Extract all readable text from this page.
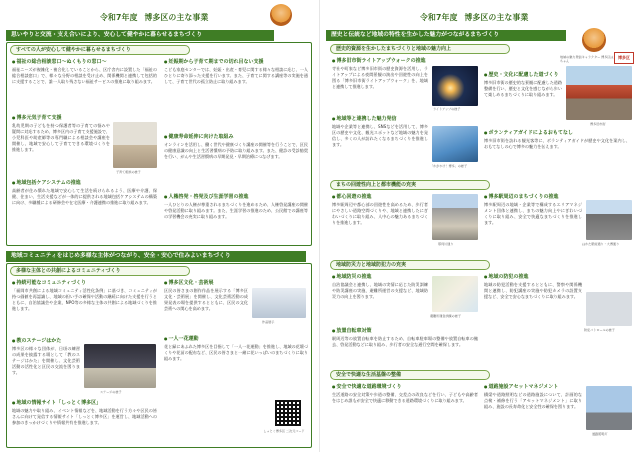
令和7年度 博多区の主な事業
思いやりと交流・支え合いにより、安心して健やかに暮らせるまちづくり
すべての人が安心して健やかに暮らせるまちづくり
● 福祉の総合相談窓口〜ぬくもりの窓口〜
福祉ニーズが複雑化・複合化していることから、区庁舎内に設置した「福祉の総合相談窓口」で、様々な分野の相談を受け止め、関係機関と連携して包括的に支援することで、誰一人取り残さない福祉サービスの推進に取り組みます。
● 博多元気子育て支援
乳幼児期の子どもを持つ保護者等の子育ての悩みや疑問に対応するため、博多区内の子育て支援施設で、小児科医や助産師等の専門職による相談会や講座を開催し、地域で安心して子育てできる環境づくりを推進します。
子育て相談の様子
● 地域包括ケアシステムの推進
高齢者が住み慣れた地域で安心して生活を続けられるよう、医療や介護、保健、住まい、生活支援などが一体的に提供される地域包括ケアシステムの構築に向け、多職種による研修会や在宅医療・介護連携の推進に取り組みます。
● 妊娠期から子育て期までの切れ目ない支援
こども家庭センターでは、妊娠・出産・育児に関する様々な相談に応じ、一人ひとりに寄り添った支援を行います。また、子育てに関する講座等の実施を通して、子育て世代の孤立防止に取り組みます。
● 健康寿命延伸に向けた取組み
オンラインを活用し、働く世代や健康づくり講座の開催等を行うことで、区民の健康意識の向上と生活習慣病の予防に取り組みます。また、健診の受診勧奨を行い、がんや生活習慣病の早期発見・早期治療につなげます。
● 人権啓発・啓発及び生涯学習の推進
一人ひとりの人権が尊重されるまちづくりを進めるため、人権啓発講座の開催や啓発活動に取り組みます。また、生涯学習の推進のため、公民館での講座等の学習機会の充実に取り組みます。
地域コミュニティをはじめ多様な主体がつながり、安全・安心で住みよいまちづくり
多様な主体との共創によるコミュニティづくり
● 持続可能なコミュニティづくり
「福岡市共創による地域コミュニティ活性化条例」に基づき、コミュニティが持つ価値を再認識し、地域の担い手の確保や活動の継続に向けた支援を行うとともに、自治協議会や企業、NPO等の多様な主体の共創による地域づくりを推進します。
● 教のステージはかた
博多区の様々な団体が、日頃の練習の成果を披露する場として「教のステージはかた」を開催し、文化芸術活動の活性化と区民の交流を図ります。
ステージの様子
● 地域の情報サイト「しっとく博多区」
地域の魅力や取り組み、イベント情報などを、地域活動を行う方々や区民の皆さんに向けて発信する情報サイト「しっとく博多区」を運営し、地域活動への参加のきっかけづくりや情報共有を推進します。
● 博多区文化・芸術展
区民の皆さまの創作作品を展示する「博多区文化・芸術展」を開催し、文化芸術活動の成果発表の場を提供するとともに、区民の文化芸術への関心を高めます。
作品展示
● 一人一花運動
花と緑にあふれた博多区を目指して「一人一花運動」を推進し、地域の花壇づくりや花苗の配布など、区民の皆さまと一緒に花いっぱいのまちづくりに取り組みます。
しっとく博多区 二次元コード
令和7年度 博多区の主な事業
歴史と伝統など地域の特性を生かした魅力がつながるまちづくり
地域の魅力発信キャラクター 博多区はちゃん
博多区
歴史的資源を生かしたまちづくりと地域の魅力向上
● 博多旧市街ライトアップウォークの推進
寺社や町家など博多旧市街の歴史資源を活用し、ライトアップによる夜間景観の演出や回遊性の向上を図る「博多旧市街ライトアップウォーク」を、地域と連携して推進します。
ライトアップの様子
● 歴史・文化に配慮した道づくり
博多旧市街の歴史的な景観に配慮した道路整備を行い、歴史と文化を感じながら歩いて楽しめるまちづくりに取り組みます。
博多旧市街
● 地域等と連携した魅力発信
地域や企業等と連携し、SNSなどを活用して、博多区の歴史や文化、観光スポットなど地域の魅力を発信し、多くの人が訪れたくなるまちづくりを推進します。
「かがやけ！博多」の様子
● ボランティアガイドによるおもてなし
博多旧市街を訪れる観光客等に、ボランティアガイドが歴史や文化を案内し、おもてなしの心で博多の魅力を伝えます。
まちの回遊性向上と都市機能の充実
● 都心回遊の推進
博多駅周辺や都心部の回遊性を高めるため、歩行者にやさしい道路空間づくりや、地域と連携したにぎわいづくりに取り組み、人中心の魅力あるまちづくりを推進します。
那珂川通り
● 博多駅周辺のまちづくりの推進
博多駅周辺の地域・企業等で構成するエリアマネジメント団体と連携し、まちの魅力向上やにぎわいづくりに取り組み、安全で快適なまちづくりを推進します。
はかた駅前通り・大博通り
地域防災力と地域防犯力の充実
● 地域防災の推進
自治協議会と連携し、地域の実情に応じた防災訓練や防災講座の実施、避難所運営の支援など、地域防災力の向上を図ります。
避難所運営訓練の様子
● 地域の防犯の推進
地域の防犯活動を支援するとともに、警察や関係機関と連携し、防犯講座の実施や防犯カメラの設置支援など、安全で安心なまちづくりに取り組みます。
防犯パトロールの様子
● 放置自転車対策
駅周辺等の放置自転車を防止するため、自転車駐車場の整備や放置自転車の撤去、啓発活動などに取り組み、歩行者の安全な通行空間を確保します。
安全で快適な生活基盤の整備
● 安全で快適な道路環境づくり
生活道路の安全対策や歩道の整備、交差点の改良などを行い、子どもや高齢者をはじめ誰もが安全で快適に移動できる道路環境づくりに取り組みます。
● 道路施設アセットマネジメント
橋梁や道路照明などの道路施設について、計画的な点検・補修を行う「アセットマネジメント」に取り組み、施設の長寿命化と安全性の確保を図ります。
道路照明灯
